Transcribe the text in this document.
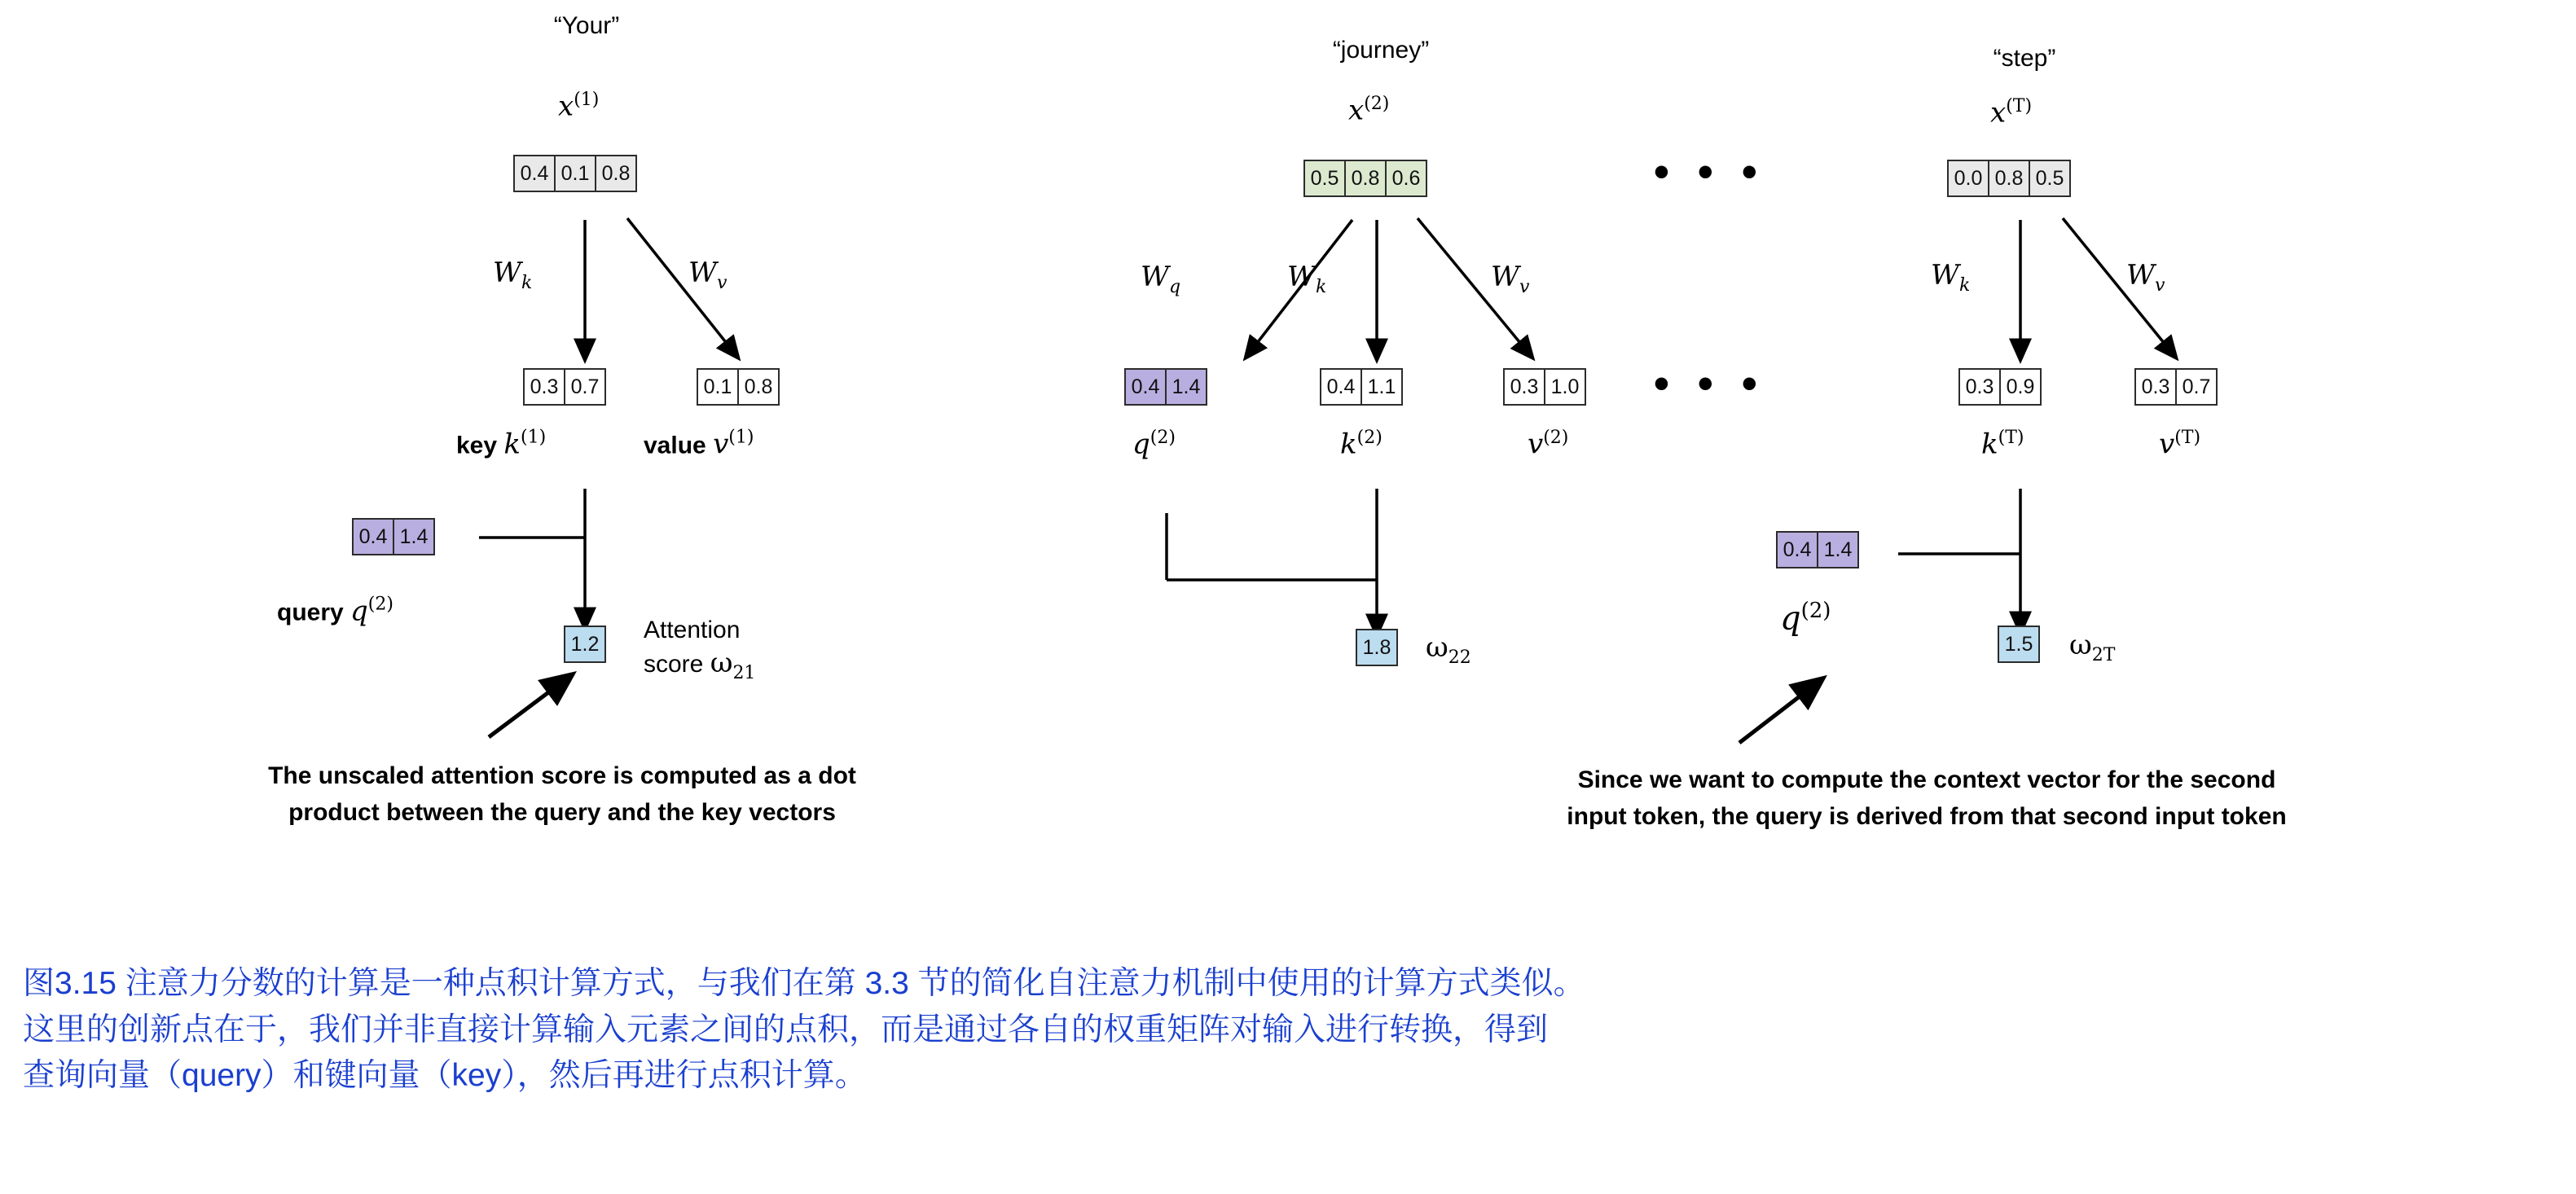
“Your”
$x^{(1)}$
0.4 0.1 0.8
$W_k$	$W_v$
0.3 0.7	0.1 0.8
key $k^{(1)}$	value $v^{(1)}$
0.4 1.4
query $q^{(2)}$
1.2
Attention
score $\omega_{21}$
The unscaled attention score is computed as a dot
product between the query and the key vectors
“journey”
$x^{(2)}$
0.5 0.8 0.6
$W_q$	$W_k$	$W_v$
0.4 1.4	0.4 1.1	0.3 1.0
$q^{(2)}$	$k^{(2)}$	$v^{(2)}$
1.8 $\omega_{22}$
Since we want to compute the context vector for the second
input token, the query is derived from that second input token
• • •
• • •
“step”
$x^{(T)}$
0.0 0.8 0.5
$W_k$	$W_v$
0.3 0.9	0.3 0.7
$k^{(T)}$	$v^{(T)}$
0.4 1.4
$q^{(2)}$
1.5 $\omega_{2T}$
图3.15 注意力分数的计算是一种点积计算方式，与我们在第 3.3 节的简化自注意力机制中使用的计算方式类似。
这里的创新点在于，我们并非直接计算输入元素之间的点积，而是通过各自的权重矩阵对输入进行转换，得到
查询向量（query）和键向量（key），然后再进行点积计算。
